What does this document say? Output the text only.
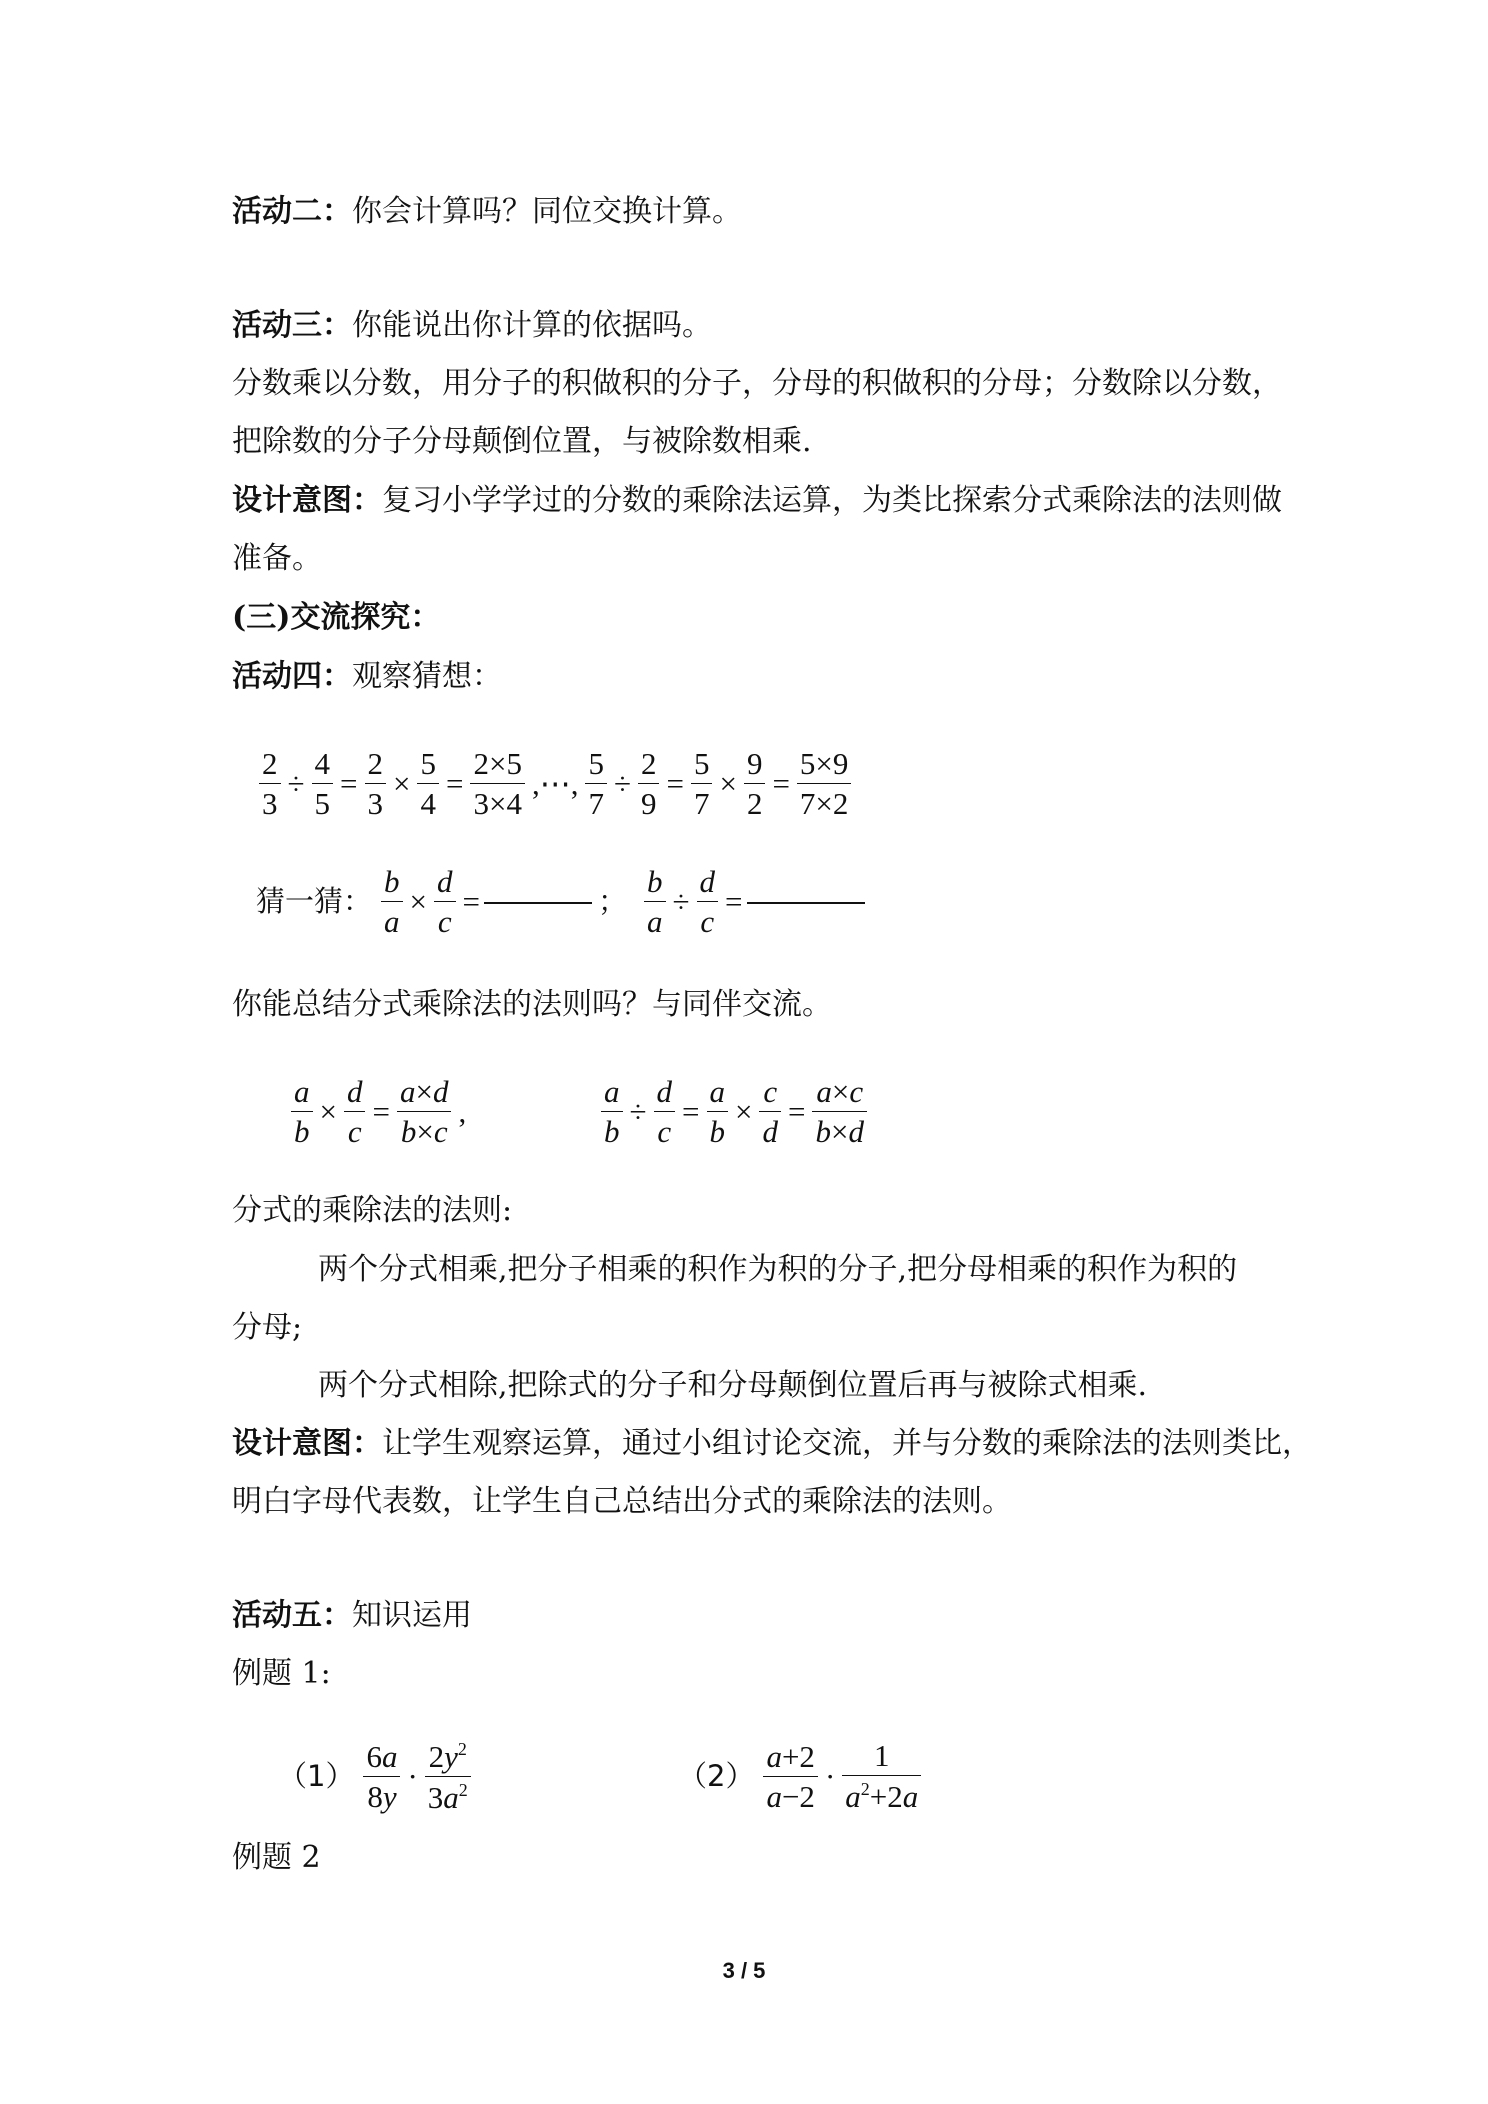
活动二：你会计算吗？同位交换计算。
活动三：你能说出你计算的依据吗。
分数乘以分数，用分子的积做积的分子，分母的积做积的分母；分数除以分数，
把除数的分子分母颠倒位置，与被除数相乘.
设计意图：复习小学学过的分数的乘除法运算，为类比探索分式乘除法的法则做
准备。
(三)交流探究：
活动四：观察猜想：
$\frac{2}{3} \div \frac{4}{5} = \frac{2}{3} \times \frac{5}{4} = \frac{2\times 5}{3\times 4}$ ,⋯, $\frac{5}{7} \div \frac{2}{9} = \frac{5}{7} \times \frac{9}{2} = \frac{5\times 9}{7\times 2}$
猜一猜： $\frac{b}{a} \times \frac{d}{c}$ =	； $\frac{b}{a} \div \frac{d}{c}$ =
你能总结分式乘除法的法则吗？与同伴交流。
$\frac{a}{b} \times \frac{d}{c} = \frac{a\times d}{b\times c}$ ,	$\frac{a}{b} \div \frac{d}{c} = \frac{a}{b} \times \frac{c}{d} = \frac{a\times c}{b\times d}$
分式的乘除法的法则:
两个分式相乘,把分子相乘的积作为积的分子,把分母相乘的积作为积的
分母;
两个分式相除,把除式的分子和分母颠倒位置后再与被除式相乘.
设计意图：让学生观察运算，通过小组讨论交流，并与分数的乘除法的法则类比，
明白字母代表数，让学生自己总结出分式的乘除法的法则。
活动五：知识运用
例题 1:
$(1) \frac{6a}{8y} \cdot \frac{2y^2}{3a^2}$	$(2) \frac{a+2}{a-2} \cdot \frac{1}{a^2+2a}$
例题 2
3 / 5
